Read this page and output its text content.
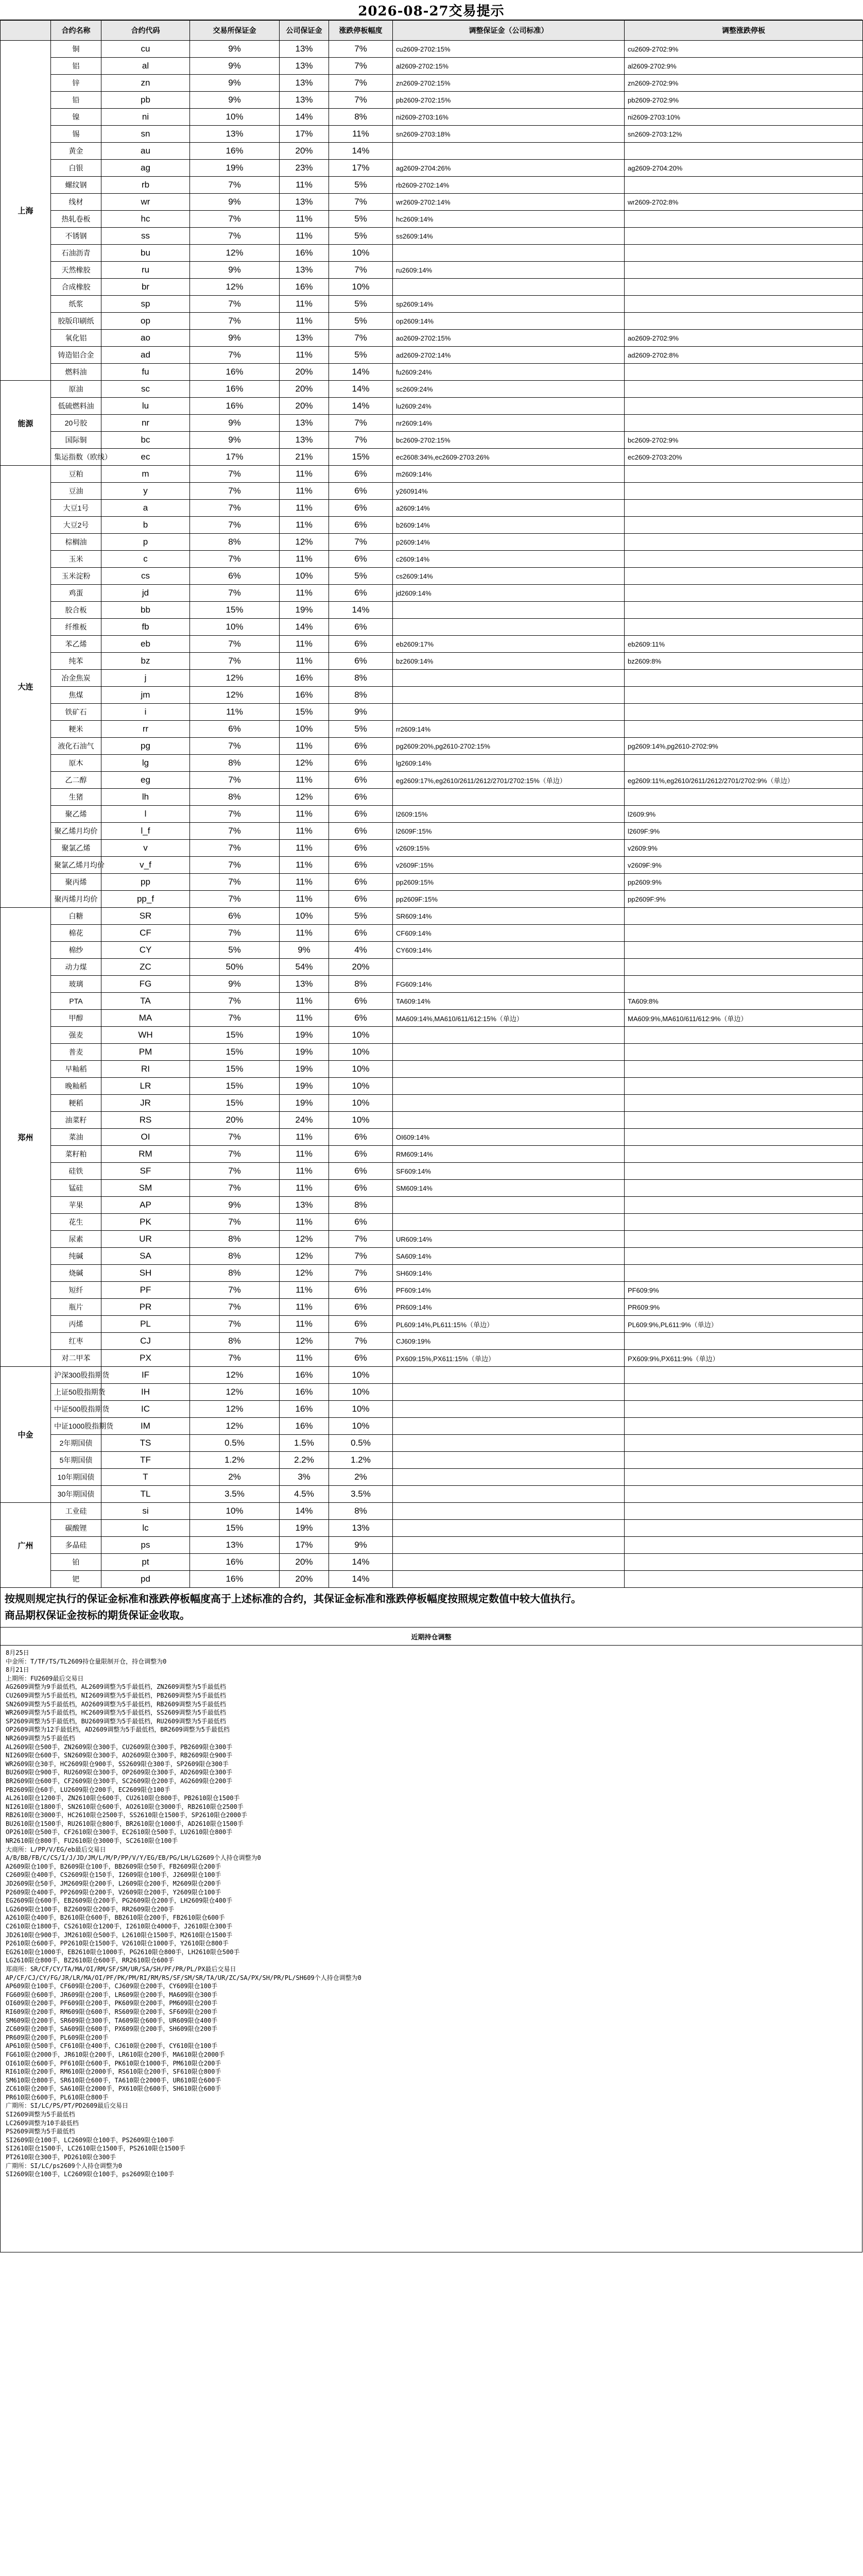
2026-08-27交易提示
	合约名称	合约代码	交易所保证金	公司保证金	涨跌停板幅度	调整保证金（公司标准）	调整涨跌停板
上海	铜	cu	9%	13%	7%	cu2609-2702:15%	cu2609-2702:9%
	铝	al	9%	13%	7%	al2609-2702:15%	al2609-2702:9%
	锌	zn	9%	13%	7%	zn2609-2702:15%	zn2609-2702:9%
	铅	pb	9%	13%	7%	pb2609-2702:15%	pb2609-2702:9%
	镍	ni	10%	14%	8%	ni2609-2703:16%	ni2609-2703:10%
	锡	sn	13%	17%	11%	sn2609-2703:18%	sn2609-2703:12%
	黄金	au	16%	20%	14%		
	白银	ag	19%	23%	17%	ag2609-2704:26%	ag2609-2704:20%
	螺纹钢	rb	7%	11%	5%	rb2609-2702:14%	
	线材	wr	9%	13%	7%	wr2609-2702:14%	wr2609-2702:8%
	热轧卷板	hc	7%	11%	5%	hc2609:14%	
	不锈钢	ss	7%	11%	5%	ss2609:14%	
	石油沥青	bu	12%	16%	10%		
	天然橡胶	ru	9%	13%	7%	ru2609:14%	
	合成橡胶	br	12%	16%	10%		
	纸浆	sp	7%	11%	5%	sp2609:14%	
	胶版印刷纸	op	7%	11%	5%	op2609:14%	
	氧化铝	ao	9%	13%	7%	ao2609-2702:15%	ao2609-2702:9%
	铸造铝合金	ad	7%	11%	5%	ad2609-2702:14%	ad2609-2702:8%
	燃料油	fu	16%	20%	14%	fu2609:24%	
能源	原油	sc	16%	20%	14%	sc2609:24%	
	低硫燃料油	lu	16%	20%	14%	lu2609:24%	
	20号胶	nr	9%	13%	7%	nr2609:14%	
	国际铜	bc	9%	13%	7%	bc2609-2702:15%	bc2609-2702:9%
	集运指数（欧线）	ec	17%	21%	15%	ec2608:34%,ec2609-2703:26%	ec2609-2703:20%
大连	豆粕	m	7%	11%	6%	m2609:14%	
	豆油	y	7%	11%	6%	y260914%	
	大豆1号	a	7%	11%	6%	a2609:14%	
	大豆2号	b	7%	11%	6%	b2609:14%	
	棕榈油	p	8%	12%	7%	p2609:14%	
	玉米	c	7%	11%	6%	c2609:14%	
	玉米淀粉	cs	6%	10%	5%	cs2609:14%	
	鸡蛋	jd	7%	11%	6%	jd2609:14%	
	胶合板	bb	15%	19%	14%		
	纤维板	fb	10%	14%	6%		
	苯乙烯	eb	7%	11%	6%	eb2609:17%	eb2609:11%
	纯苯	bz	7%	11%	6%	bz2609:14%	bz2609:8%
	冶金焦炭	j	12%	16%	8%		
	焦煤	jm	12%	16%	8%		
	铁矿石	i	11%	15%	9%		
	粳米	rr	6%	10%	5%	rr2609:14%	
	液化石油气	pg	7%	11%	6%	pg2609:20%,pg2610-2702:15%	pg2609:14%,pg2610-2702:9%
	原木	lg	8%	12%	6%	lg2609:14%	
	乙二醇	eg	7%	11%	6%	eg2609:17%,eg2610/2611/2612/2701/2702:15%（单边）	eg2609:11%,eg2610/2611/2612/2701/2702:9%（单边）
	生猪	lh	8%	12%	6%		
	聚乙烯	l	7%	11%	6%	l2609:15%	l2609:9%
	聚乙烯月均价	l_f	7%	11%	6%	l2609F:15%	l2609F:9%
	聚氯乙烯	v	7%	11%	6%	v2609:15%	v2609:9%
	聚氯乙烯月均价	v_f	7%	11%	6%	v2609F:15%	v2609F:9%
	聚丙烯	pp	7%	11%	6%	pp2609:15%	pp2609:9%
	聚丙烯月均价	pp_f	7%	11%	6%	pp2609F:15%	pp2609F:9%
郑州	白糖	SR	6%	10%	5%	SR609:14%	
	棉花	CF	7%	11%	6%	CF609:14%	
	棉纱	CY	5%	9%	4%	CY609:14%	
	动力煤	ZC	50%	54%	20%		
	玻璃	FG	9%	13%	8%	FG609:14%	
	PTA	TA	7%	11%	6%	TA609:14%	TA609:8%
	甲醇	MA	7%	11%	6%	MA609:14%,MA610/611/612:15%（单边）	MA609:9%,MA610/611/612:9%（单边）
	强麦	WH	15%	19%	10%		
	普麦	PM	15%	19%	10%		
	早籼稻	RI	15%	19%	10%		
	晚籼稻	LR	15%	19%	10%		
	粳稻	JR	15%	19%	10%		
	油菜籽	RS	20%	24%	10%		
	菜油	OI	7%	11%	6%	OI609:14%	
	菜籽粕	RM	7%	11%	6%	RM609:14%	
	硅铁	SF	7%	11%	6%	SF609:14%	
	锰硅	SM	7%	11%	6%	SM609:14%	
	苹果	AP	9%	13%	8%		
	花生	PK	7%	11%	6%		
	尿素	UR	8%	12%	7%	UR609:14%	
	纯碱	SA	8%	12%	7%	SA609:14%	
	烧碱	SH	8%	12%	7%	SH609:14%	
	短纤	PF	7%	11%	6%	PF609:14%	PF609:9%
	瓶片	PR	7%	11%	6%	PR609:14%	PR609:9%
	丙烯	PL	7%	11%	6%	PL609:14%,PL611:15%（单边）	PL609:9%,PL611:9%（单边）
	红枣	CJ	8%	12%	7%	CJ609:19%	
	对二甲苯	PX	7%	11%	6%	PX609:15%,PX611:15%（单边）	PX609:9%,PX611:9%（单边）
中金	沪深300股指期货	IF	12%	16%	10%		
	上证50股指期货	IH	12%	16%	10%		
	中证500股指期货	IC	12%	16%	10%		
	中证1000股指期货	IM	12%	16%	10%		
	2年期国债	TS	0.5%	1.5%	0.5%		
	5年期国债	TF	1.2%	2.2%	1.2%		
	10年期国债	T	2%	3%	2%		
	30年期国债	TL	3.5%	4.5%	3.5%		
广州	工业硅	si	10%	14%	8%		
	碳酸锂	lc	15%	19%	13%		
	多晶硅	ps	13%	17%	9%		
	铂	pt	16%	20%	14%		
	钯	pd	16%	20%	14%		
按规则规定执行的保证金标准和涨跌停板幅度高于上述标准的合约，其保证金标准和涨跌停板幅度按照规定数值中较大值执行。
商品期权保证金按标的期货保证金收取。
近期持仓调整
8月25日
中金所：T/TF/TS/TL2609持仓量限制开仓，持仓调整为0
8月21日
上期所：FU2609最后交易日
AG2609调整为9手最低档，AL2609调整为5手最低档，ZN2609调整为5手最低档
CU2609调整为5手最低档，NI2609调整为5手最低档，PB2609调整为5手最低档
SN2609调整为5手最低档，AO2609调整为5手最低档，RB2609调整为5手最低档
WR2609调整为5手最低档，HC2609调整为5手最低档，SS2609调整为5手最低档
SP2609调整为5手最低档，BU2609调整为5手最低档，RU2609调整为5手最低档
OP2609调整为12手最低档，AD2609调整为5手最低档，BR2609调整为5手最低档
NR2609调整为5手最低档
AL2609限仓500手，ZN2609限仓300手，CU2609限仓300手，PB2609限仓300手
NI2609限仓600手，SN2609限仓300手，AO2609限仓300手，RB2609限仓900手
WR2609限仓30手，HC2609限仓900手，SS2609限仓300手，SP2609限仓300手
BU2609限仓900手，RU2609限仓300手，OP2609限仓300手，AD2609限仓300手
BR2609限仓600手，CF2609限仓300手，SC2609限仓200手，AG2609限仓200手
PB2609限仓60手，LU2609限仓200手，EC2609限仓100手
AL2610限仓1200手，ZN2610限仓600手，CU2610限仓800手，PB2610限仓1500手
NI2610限仓1800手，SN2610限仓600手，AO2610限仓3000手，RB2610限仓2500手
RB2610限仓3000手，HC2610限仓2500手，SS2610限仓1500手，SP2610限仓2000手
BU2610限仓1500手，RU2610限仓800手，BR2610限仓1000手，AD2610限仓1500手
OP2610限仓500手，CF2610限仓300手，EC2610限仓500手，LU2610限仓800手
NR2610限仓800手，FU2610限仓3000手，SC2610限仓100手
大商所：L/PP/V/EG/eb最后交易日
A/B/BB/FB/C/CS/I/J/JD/JM/L/M/P/PP/V/Y/EG/EB/PG/LH/LG2609个人持仓调整为0
A2609限仓100手，B2609限仓100手，BB2609限仓50手，FB2609限仓200手
C2609限仓400手，CS2609限仓150手，I2609限仓100手，J2609限仓100手
JD2609限仓50手，JM2609限仓200手，L2609限仓200手，M2609限仓200手
P2609限仓400手，PP2609限仓200手，V2609限仓200手，Y2609限仓100手
EG2609限仓600手，EB2609限仓200手，PG2609限仓200手，LH2609限仓400手
LG2609限仓100手，BZ2609限仓200手，RR2609限仓200手
A2610限仓400手，B2610限仓600手，BB2610限仓200手，FB2610限仓600手
C2610限仓1800手，CS2610限仓1200手，I2610限仓4000手，J2610限仓300手
JD2610限仓900手，JM2610限仓500手，L2610限仓1500手，M2610限仓1500手
P2610限仓600手，PP2610限仓1500手，V2610限仓1000手，Y2610限仓800手
EG2610限仓1000手，EB2610限仓1000手，PG2610限仓800手，LH2610限仓500手
LG2610限仓800手，BZ2610限仓600手，RR2610限仓600手
郑商所：SR/CF/CY/TA/MA/OI/RM/SF/SM/UR/SA/SH/PF/PR/PL/PX最后交易日
AP/CF/CJ/CY/FG/JR/LR/MA/OI/PF/PK/PM/RI/RM/RS/SF/SM/SR/TA/UR/ZC/SA/PX/SH/PR/PL/SH609个人持仓调整为0
AP609限仓100手，CF609限仓200手，CJ609限仓200手，CY609限仓100手
FG609限仓600手，JR609限仓200手，LR609限仓200手，MA609限仓300手
OI609限仓200手，PF609限仓200手，PK609限仓200手，PM609限仓200手
RI609限仓200手，RM609限仓600手，RS609限仓200手，SF609限仓200手
SM609限仓200手，SR609限仓300手，TA609限仓600手，UR609限仓400手
ZC609限仓200手，SA609限仓600手，PX609限仓200手，SH609限仓200手
PR609限仓200手，PL609限仓200手
AP610限仓500手，CF610限仓400手，CJ610限仓200手，CY610限仓100手
FG610限仓2000手，JR610限仓200手，LR610限仓200手，MA610限仓2000手
OI610限仓600手，PF610限仓600手，PK610限仓1000手，PM610限仓200手
RI610限仓200手，RM610限仓2000手，RS610限仓200手，SF610限仓800手
SM610限仓800手，SR610限仓600手，TA610限仓2000手，UR610限仓600手
ZC610限仓200手，SA610限仓2000手，PX610限仓600手，SH610限仓600手
PR610限仓600手，PL610限仓800手
广期所：SI/LC/PS/PT/PD2609最后交易日
SI2609调整为5手最低档
LC2609调整为10手最低档
PS2609调整为5手最低档
SI2609限仓100手，LC2609限仓100手，PS2609限仓100手
SI2610限仓1500手，LC2610限仓1500手，PS2610限仓1500手
PT2610限仓300手，PD2610限仓300手
广期所：SI/LC/ps2609个人持仓调整为0
SI2609限仓100手，LC2609限仓100手，ps2609限仓100手
